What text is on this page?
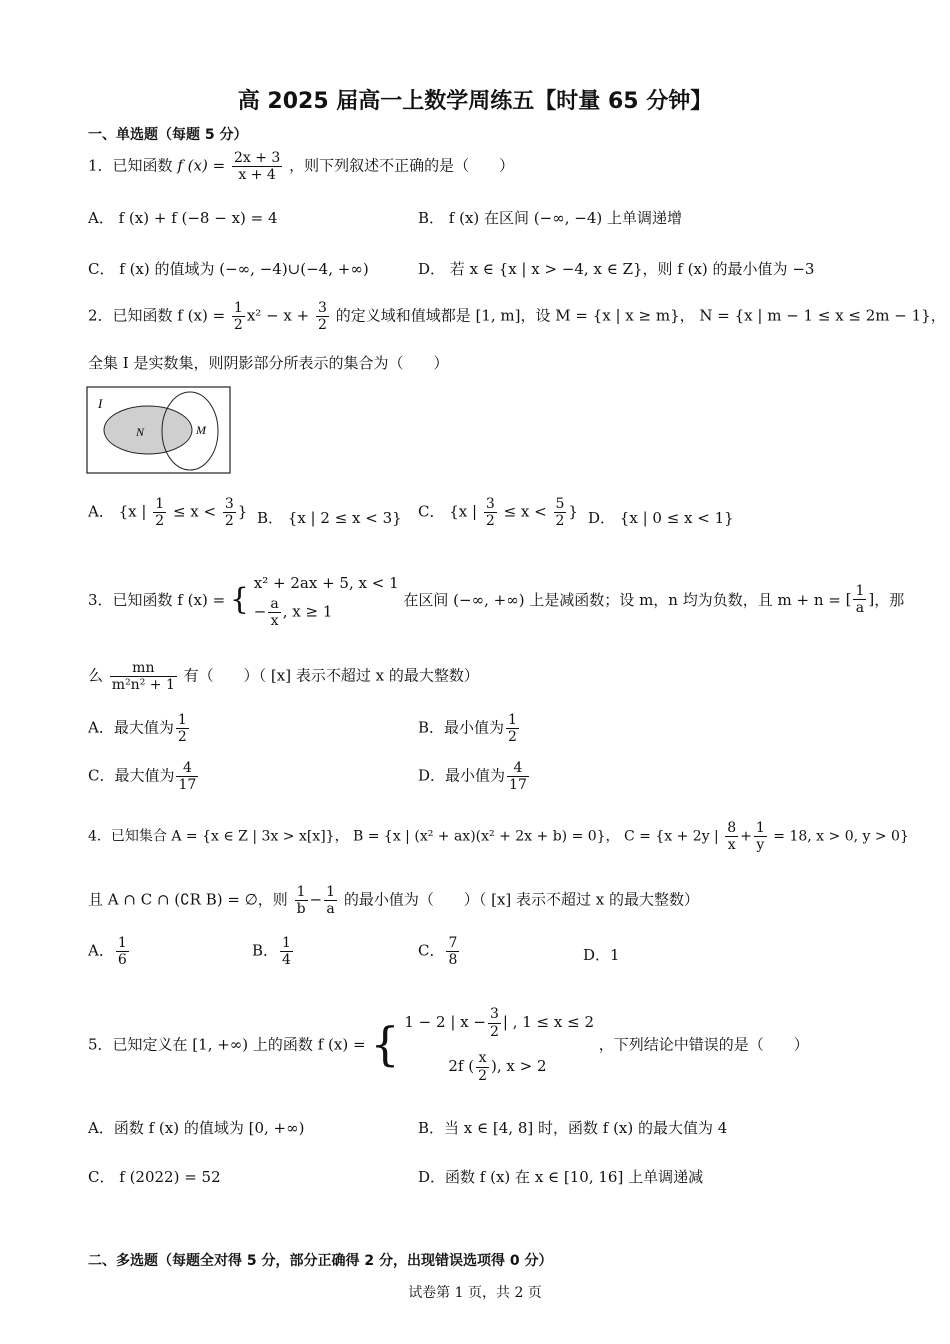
高 2025 届高一上数学周练五【时量 65 分钟】
一、单选题（每题 5 分）
1．已知函数 f $(x) = \frac{2x + 3}{x + 4}$ ，则下列叙述不正确的是（　　）
A． f (x) + f (−8 − x) = 4	B． f (x) 在区间 (−∞, −4) 上单调递增
C． f (x) 的值域为 (−∞, −4)∪(−4, +∞)	D． 若 x ∈ {x | x > −4, x ∈ Z}，则 f (x) 的最小值为 −3
2．已知函数 f $(x) = \frac{1}{2} x^2 - x + \frac{3}{2}$ 的定义域和值域都是 [1, m]，设 M = {x | x ≥ m}， N = {x | m − 1 ≤ x ≤ 2m − 1}，
全集 I 是实数集，则阴影部分所表示的集合为（　　）
I
N	M
A． {x | $\frac{1}{2} \le x < \frac{3}{2}$ } B． {x | 2 ≤ x < 3} C． {x | $\frac{3}{2} \le x < \frac{5}{2}$ } D． {x | 0 ≤ x < 1}
3．已知函数 f (x) = { x² + 2ax + 5, x < 1
− $\frac{a}{x}$ , x ≥ 1
在区间 (−∞, +∞) 上是减函数；设 m，n 均为负数，且 m + n = [ $\frac{1}{a}$ ]，那
么 $\frac{mn}{\text{m²n² + 1}}$ 有（　　）（ [x] 表示不超过 x 的最大整数）
A．最大值为 $\frac{1}{2}$	B．最小值为 $\frac{1}{2}$
C．最大值为 $\frac{4}{17}$	D．最小值为 $\frac{4}{17}$
4．已知集合 A = {x ∈ Z | 3x > x[x]}， B = {x | (x² + ax)(x² + 2x + b) = 0}， C = {x + 2y | $\frac{8}{x} + \frac{1}{y} = 18$, x > 0, y > 0}
且 A ∩ C ∩ (∁R B) = ∅，则 $\frac{1}{b} - \frac{1}{a}$ 的最小值为（　　）（ [x] 表示不超过 x 的最大整数）
A． $\frac{1}{6}$	B． $\frac{1}{4}$	C． $\frac{7}{8}$	D．1
5．已知定义在 [1, +∞) 上的函数 f (x) = { 1 − 2 | $x - \frac{3}{2}$ | , 1 ≤ x ≤ 2
2f ( $\frac{x}{2}$ ), x > 2
，下列结论中错误的是（　　）
A．函数 f (x) 的值域为 [0, +∞)	B．当 x ∈ [4, 8] 时，函数 f (x) 的最大值为 4
C． f (2022) = 52	D．函数 f (x) 在 x ∈ [10, 16] 上单调递减
二、多选题（每题全对得 5 分，部分正确得 2 分，出现错误选项得 0 分）
试卷第 1 页，共 2 页
